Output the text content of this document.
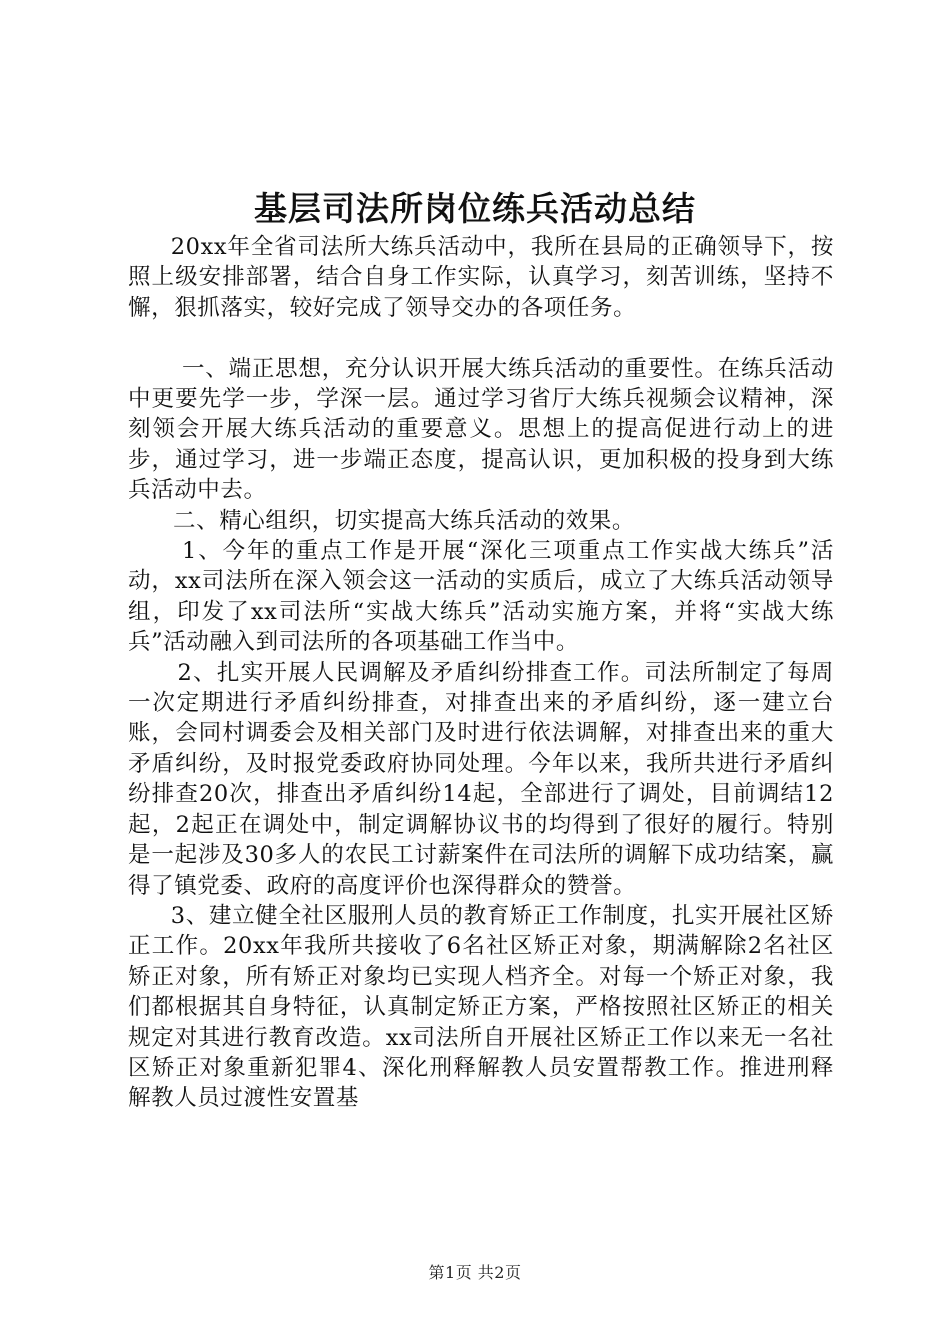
基层司法所岗位练兵活动总结

20xx年全省司法所大练兵活动中，我所在县局的正确领导下，按照上级安排部署，结合自身工作实际，认真学习，刻苦训练，坚持不懈，狠抓落实，较好完成了领导交办的各项任务。

一、端正思想，充分认识开展大练兵活动的重要性。在练兵活动中更要先学一步，学深一层。通过学习省厅大练兵视频会议精神，深刻领会开展大练兵活动的重要意义。思想上的提高促进行动上的进步，通过学习，进一步端正态度，提高认识，更加积极的投身到大练兵活动中去。

二、精心组织，切实提高大练兵活动的效果。

1、今年的重点工作是开展“深化三项重点工作实战大练兵”活动，xx司法所在深入领会这一活动的实质后，成立了大练兵活动领导组，印发了xx司法所“实战大练兵”活动实施方案，并将“实战大练兵”活动融入到司法所的各项基础工作当中。

2、扎实开展人民调解及矛盾纠纷排查工作。司法所制定了每周一次定期进行矛盾纠纷排查，对排查出来的矛盾纠纷，逐一建立台账，会同村调委会及相关部门及时进行依法调解，对排查出来的重大矛盾纠纷，及时报党委政府协同处理。今年以来，我所共进行矛盾纠纷排查20次，排查出矛盾纠纷14起，全部进行了调处，目前调结12起，2起正在调处中，制定调解协议书的均得到了很好的履行。特别是一起涉及30多人的农民工讨薪案件在司法所的调解下成功结案，赢得了镇党委、政府的高度评价也深得群众的赞誉。

3、建立健全社区服刑人员的教育矫正工作制度，扎实开展社区矫正工作。20xx年我所共接收了6名社区矫正对象，期满解除2名社区矫正对象，所有矫正对象均已实现人档齐全。对每一个矫正对象，我们都根据其自身特征，认真制定矫正方案，严格按照社区矫正的相关规定对其进行教育改造。xx司法所自开展社区矫正工作以来无一名社区矫正对象重新犯罪4、深化刑释解教人员安置帮教工作。推进刑释解教人员过渡性安置基

第1页 共2页
